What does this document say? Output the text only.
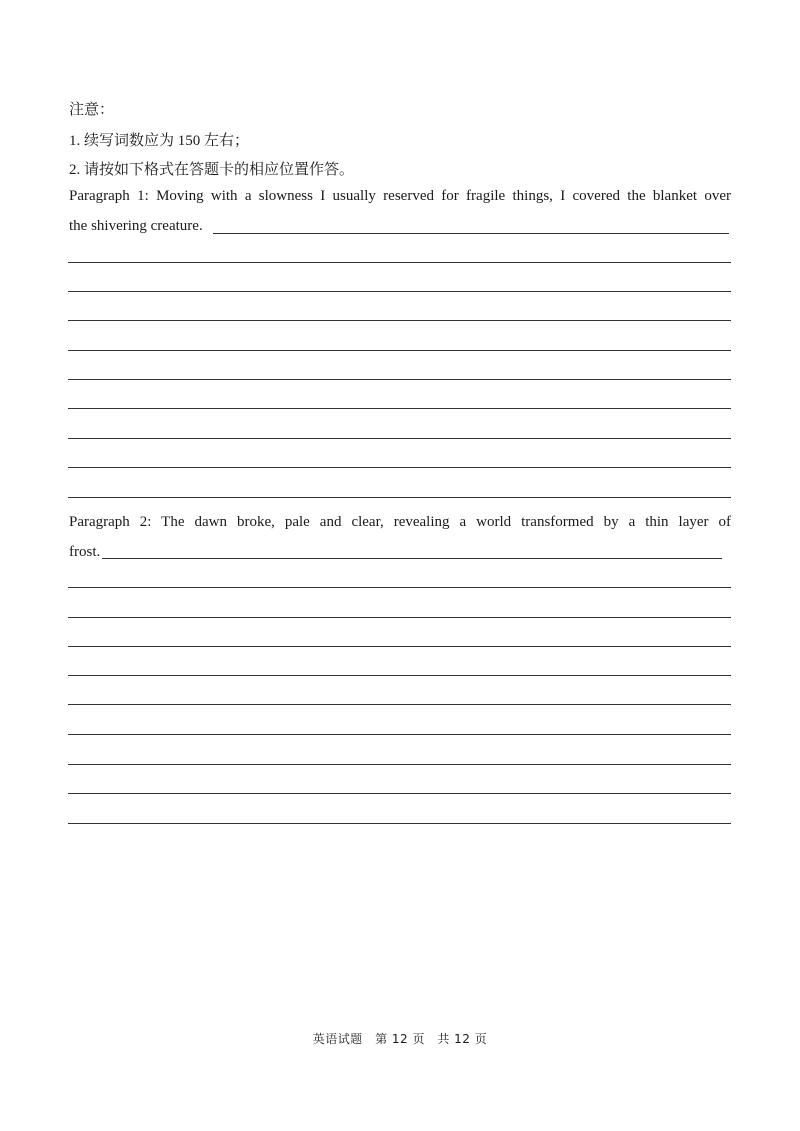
注意：
1. 续写词数应为 150 左右；
2. 请按如下格式在答题卡的相应位置作答。
Paragraph 1: Moving with a slowness I usually reserved for fragile things, I covered the blanket over
the shivering creature.
Paragraph 2: The dawn broke, pale and clear, revealing a world transformed by a thin layer of
frost.
英语试题 第 12 页 共 12 页
